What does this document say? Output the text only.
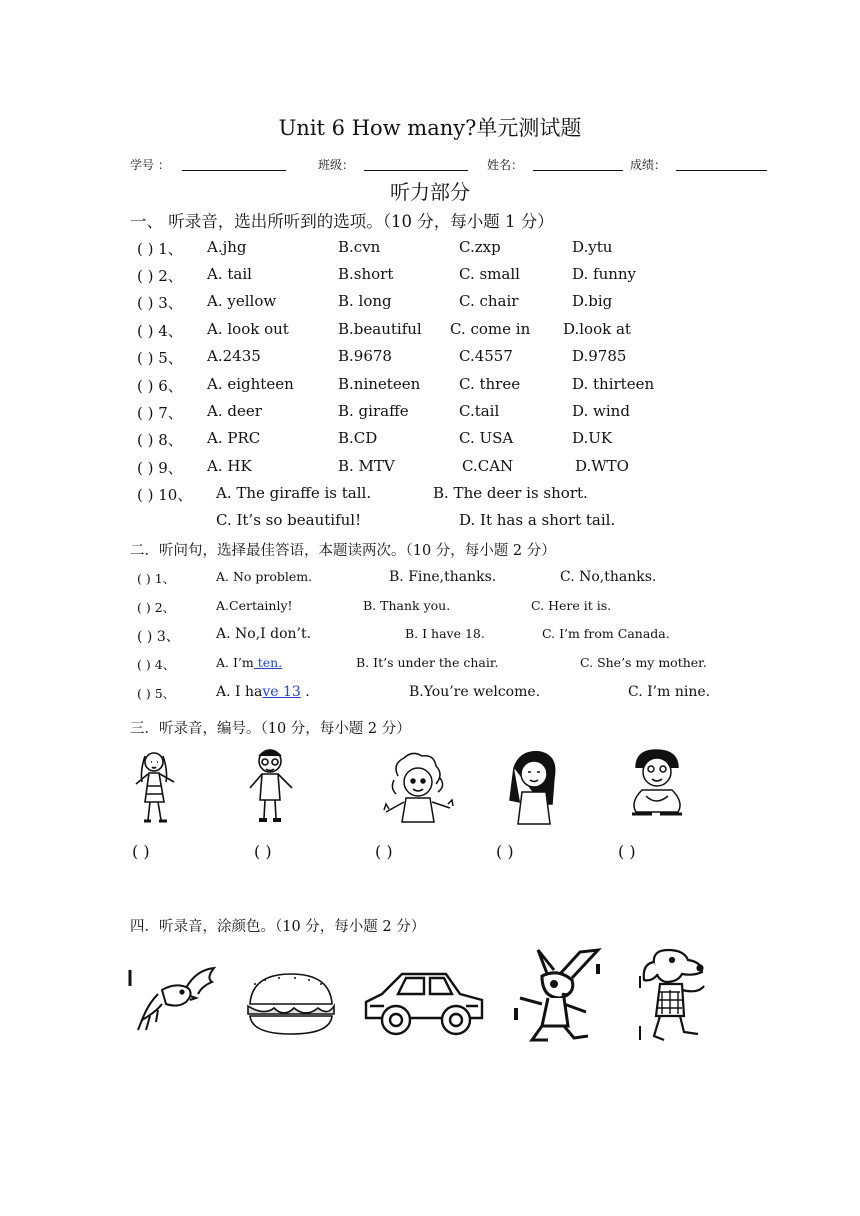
Unit 6 How many?单元测试题
学号 ：	班级：	姓名：	成绩：
听力部分
一、 听录音，选出所听到的选项。（10 分，每小题 1 分）
( ) 1、 A.jhg	B.cvn	C.zxp	D.ytu
( ) 2、 A. tail	B.short	C. small	D. funny
( ) 3、 A. yellow	B. long	C. chair	D.big
( ) 4、 A. look out	B.beautiful C. come in D.look at
( ) 5、 A.2435	B.9678	C.4557	D.9785
( ) 6、 A. eighteen	B.nineteen	C. three	D. thirteen
( ) 7、 A. deer	B. giraffe	C.tail	D. wind
( ) 8、 A. PRC	B.CD	C. USA	D.UK
( ) 9、 A. HK	B. MTV	C.CAN	D.WTO
( ) 10、 A. The giraffe is tall.	B. The deer is short.
C. It’s so beautiful!	D. It has a short tail.
二．听问句，选择最佳答语，本题读两次。（10 分，每小题 2 分）
( ) 1、	A. No problem.	B. Fine,thanks.	C. No,thanks.
( ) 2、	A.Certainly!	B. Thank you.	C. Here it is.
( ) 3、	A. No,I don’t.	B. I have 18.	C. I’m from Canada.
( ) 4、	A. I’m ten.	B. It’s under the chair.	C. She’s my mother.
( ) 5、	A. I have 13 .	B.You’re welcome.	C. I’m nine.
三．听录音，编号。（10 分，每小题 2 分）
( )	( )	( )	( )	( )
四．听录音，涂颜色。（10 分，每小题 2 分）
